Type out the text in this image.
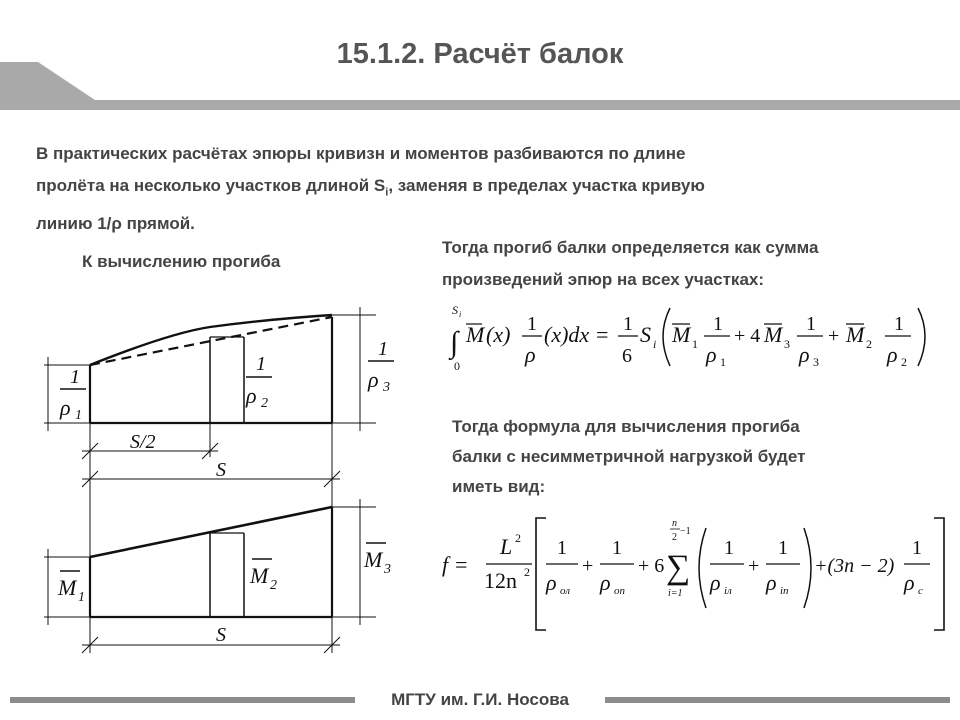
15.1.2. Расчёт балок
В практических расчётах эпюры кривизн и моментов разбиваются по длине
пролёта на несколько участков длиной $S_i$, заменяя в пределах участка кривую
линию 1/ρ прямой.
К вычислению прогиба
Тогда прогиб балки определяется как сумма
произведений эпюр на всех участках:
Тогда формула для вычисления прогиба
балки с несимметричной нагрузкой будет
иметь вид:
1
ρ 1
1
ρ 2
1
ρ 3
S/2
S
M 1
M 2
M 3
S
S i
∫
0
M (x) 1
ρ
(x)dx = 1
6
S i M 1
1
ρ 1
+ 4 M 3
1
ρ 3
+ M 2
1
ρ 2
f =
L 2
12n 2
1
ρ ол
+
1
ρ оп
+ 6
n
2
−1
∑
i=1
1
ρ iл
+
1
ρ iп
+(3n − 2)
1
ρ c
МГТУ им. Г.И. Носова
